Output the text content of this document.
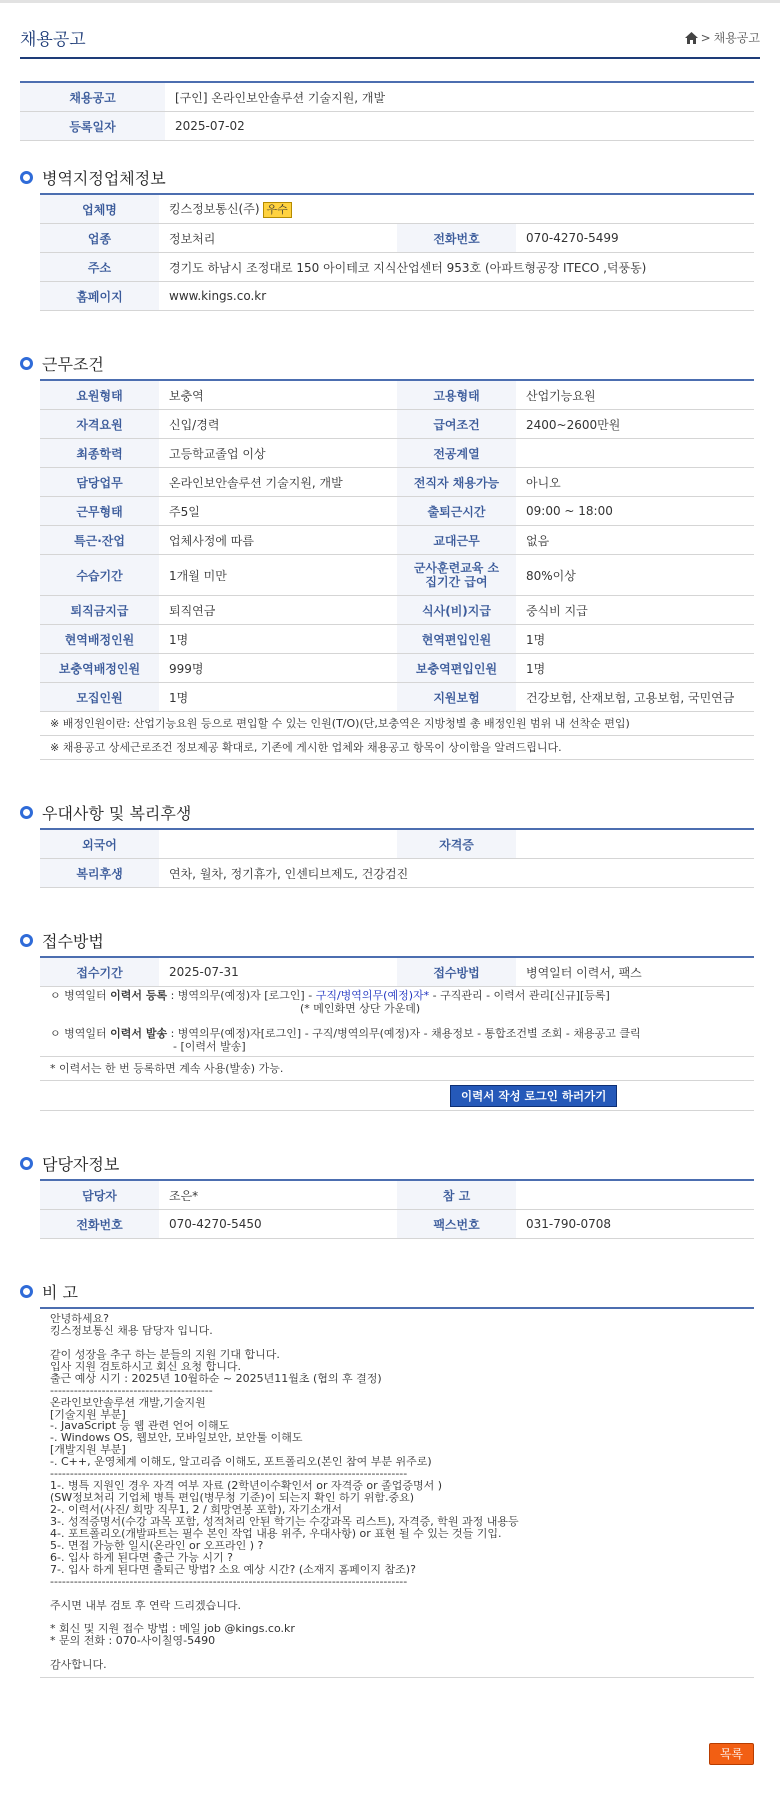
채용공고	> 채용공고
채용공고	[구인] 온라인보안솔루션 기술지원, 개발
등록일자	2025-07-02
병역지정업체정보
업체명	킹스정보통신(주) 우수		
업종	정보처리	전화번호	070-4270-5499
주소	경기도 하남시 조정대로 150 아이테코 지식산업센터 953호 (아파트형공장 ITECO ,덕풍동)		
홈페이지	www.kings.co.kr		
근무조건
요원형태	보충역	고용형태	산업기능요원
자격요원	신입/경력	급여조건	2400~2600만원
최종학력	고등학교졸업 이상	전공계열	
담당업무	온라인보안솔루션 기술지원, 개발	전직자 채용가능	아니오
근무형태	주5일	출퇴근시간	09:00 ~ 18:00
특근·잔업	업체사정에 따름	교대근무	없음
수습기간	1개월 미만	군사훈련교육 소집기간 급여	80%이상
퇴직금지급	퇴직연금	식사(비)지급	중식비 지급
현역배정인원	1명	현역편입인원	1명
보충역배정인원	999명	보충역편입인원	1명
모집인원	1명	지원보험	건강보험, 산재보험, 고용보험, 국민연금
※ 배정인원이란: 산업기능요원 등으로 편입할 수 있는 인원(T/O)(단,보충역은 지방청별 총 배정인원 범위 내 선착순 편입)
※ 채용공고 상세근로조건 정보제공 확대로, 기존에 게시한 업체와 채용공고 항목이 상이함을 알려드립니다.
우대사항 및 복리후생
외국어		자격증	
복리후생	연차, 월차, 정기휴가, 인센티브제도, 건강검진		
접수방법
접수기간	2025-07-31	접수방법	병역일터 이력서, 팩스
ㅇ 병역일터 이력서 등록 : 병역의무(예정)자 [로그인] - 구직/병역의무(예정)자* - 구직관리 - 이력서 관리[신규][등록]
(* 메인화면 상단 가운데)
ㅇ 병역일터 이력서 발송 : 병역의무(예정)자[로그인] - 구직/병역의무(예정)자 - 채용정보 - 통합조건별 조회 - 채용공고 클릭
- [이력서 발송]
* 이력서는 한 번 등록하면 계속 사용(발송) 가능.
이력서 작성 로그인 하러가기
담당자정보
담당자	조은*	참 고	
전화번호	070-4270-5450	팩스번호	031-790-0708
비 고
안녕하세요?
킹스정보통신 채용 담당자 입니다.
같이 성장을 추구 하는 분들의 지원 기대 합니다.
입사 지원 검토하시고 회신 요청 합니다.
출근 예상 시기 : 2025년 10월하순 ~ 2025년11월초 (협의 후 결정)
-----------------------------------------
온라인보안솔루션 개발,기술지원
[기술지원 부분]
-. JavaScript 등 웹 관련 언어 이해도
-. Windows OS, 웹보안, 모바일보안, 보안툴 이해도
[개발지원 부분]
-. C++, 운영체계 이해도, 알고리즘 이해도, 포트폴리오(본인 참여 부분 위주로)
------------------------------------------------------------------------------------------
1-. 병특 지원인 경우 자격 여부 자료 (2학년이수확인서 or 자격증 or 졸업증명서 )
(SW정보처리 기업체 병특 편입(병무청 기준)이 되는지 확인 하기 위함.중요)
2-. 이력서(사진/ 희망 직무1, 2 / 희망연봉 포함), 자기소개서
3-. 성적증명서(수강 과목 포함, 성적처리 안된 학기는 수강과목 리스트), 자격증, 학원 과정 내용등
4-. 포트폴리오(개발파트는 필수 본인 작업 내용 위주, 우대사항) or 표현 될 수 있는 것들 기입.
5-. 면접 가능한 일시(온라인 or 오프라인 ) ?
6-. 입사 하게 된다면 출근 가능 시기 ?
7-. 입사 하게 된다면 출퇴근 방법? 소요 예상 시간? (소재지 홈페이지 참조)?
------------------------------------------------------------------------------------------
주시면 내부 검토 후 연락 드리겠습니다.
* 회신 및 지원 접수 방법 : 메일 job @kings.co.kr
* 문의 전화 : 070-사이칠영-5490
감사합니다.
목록
